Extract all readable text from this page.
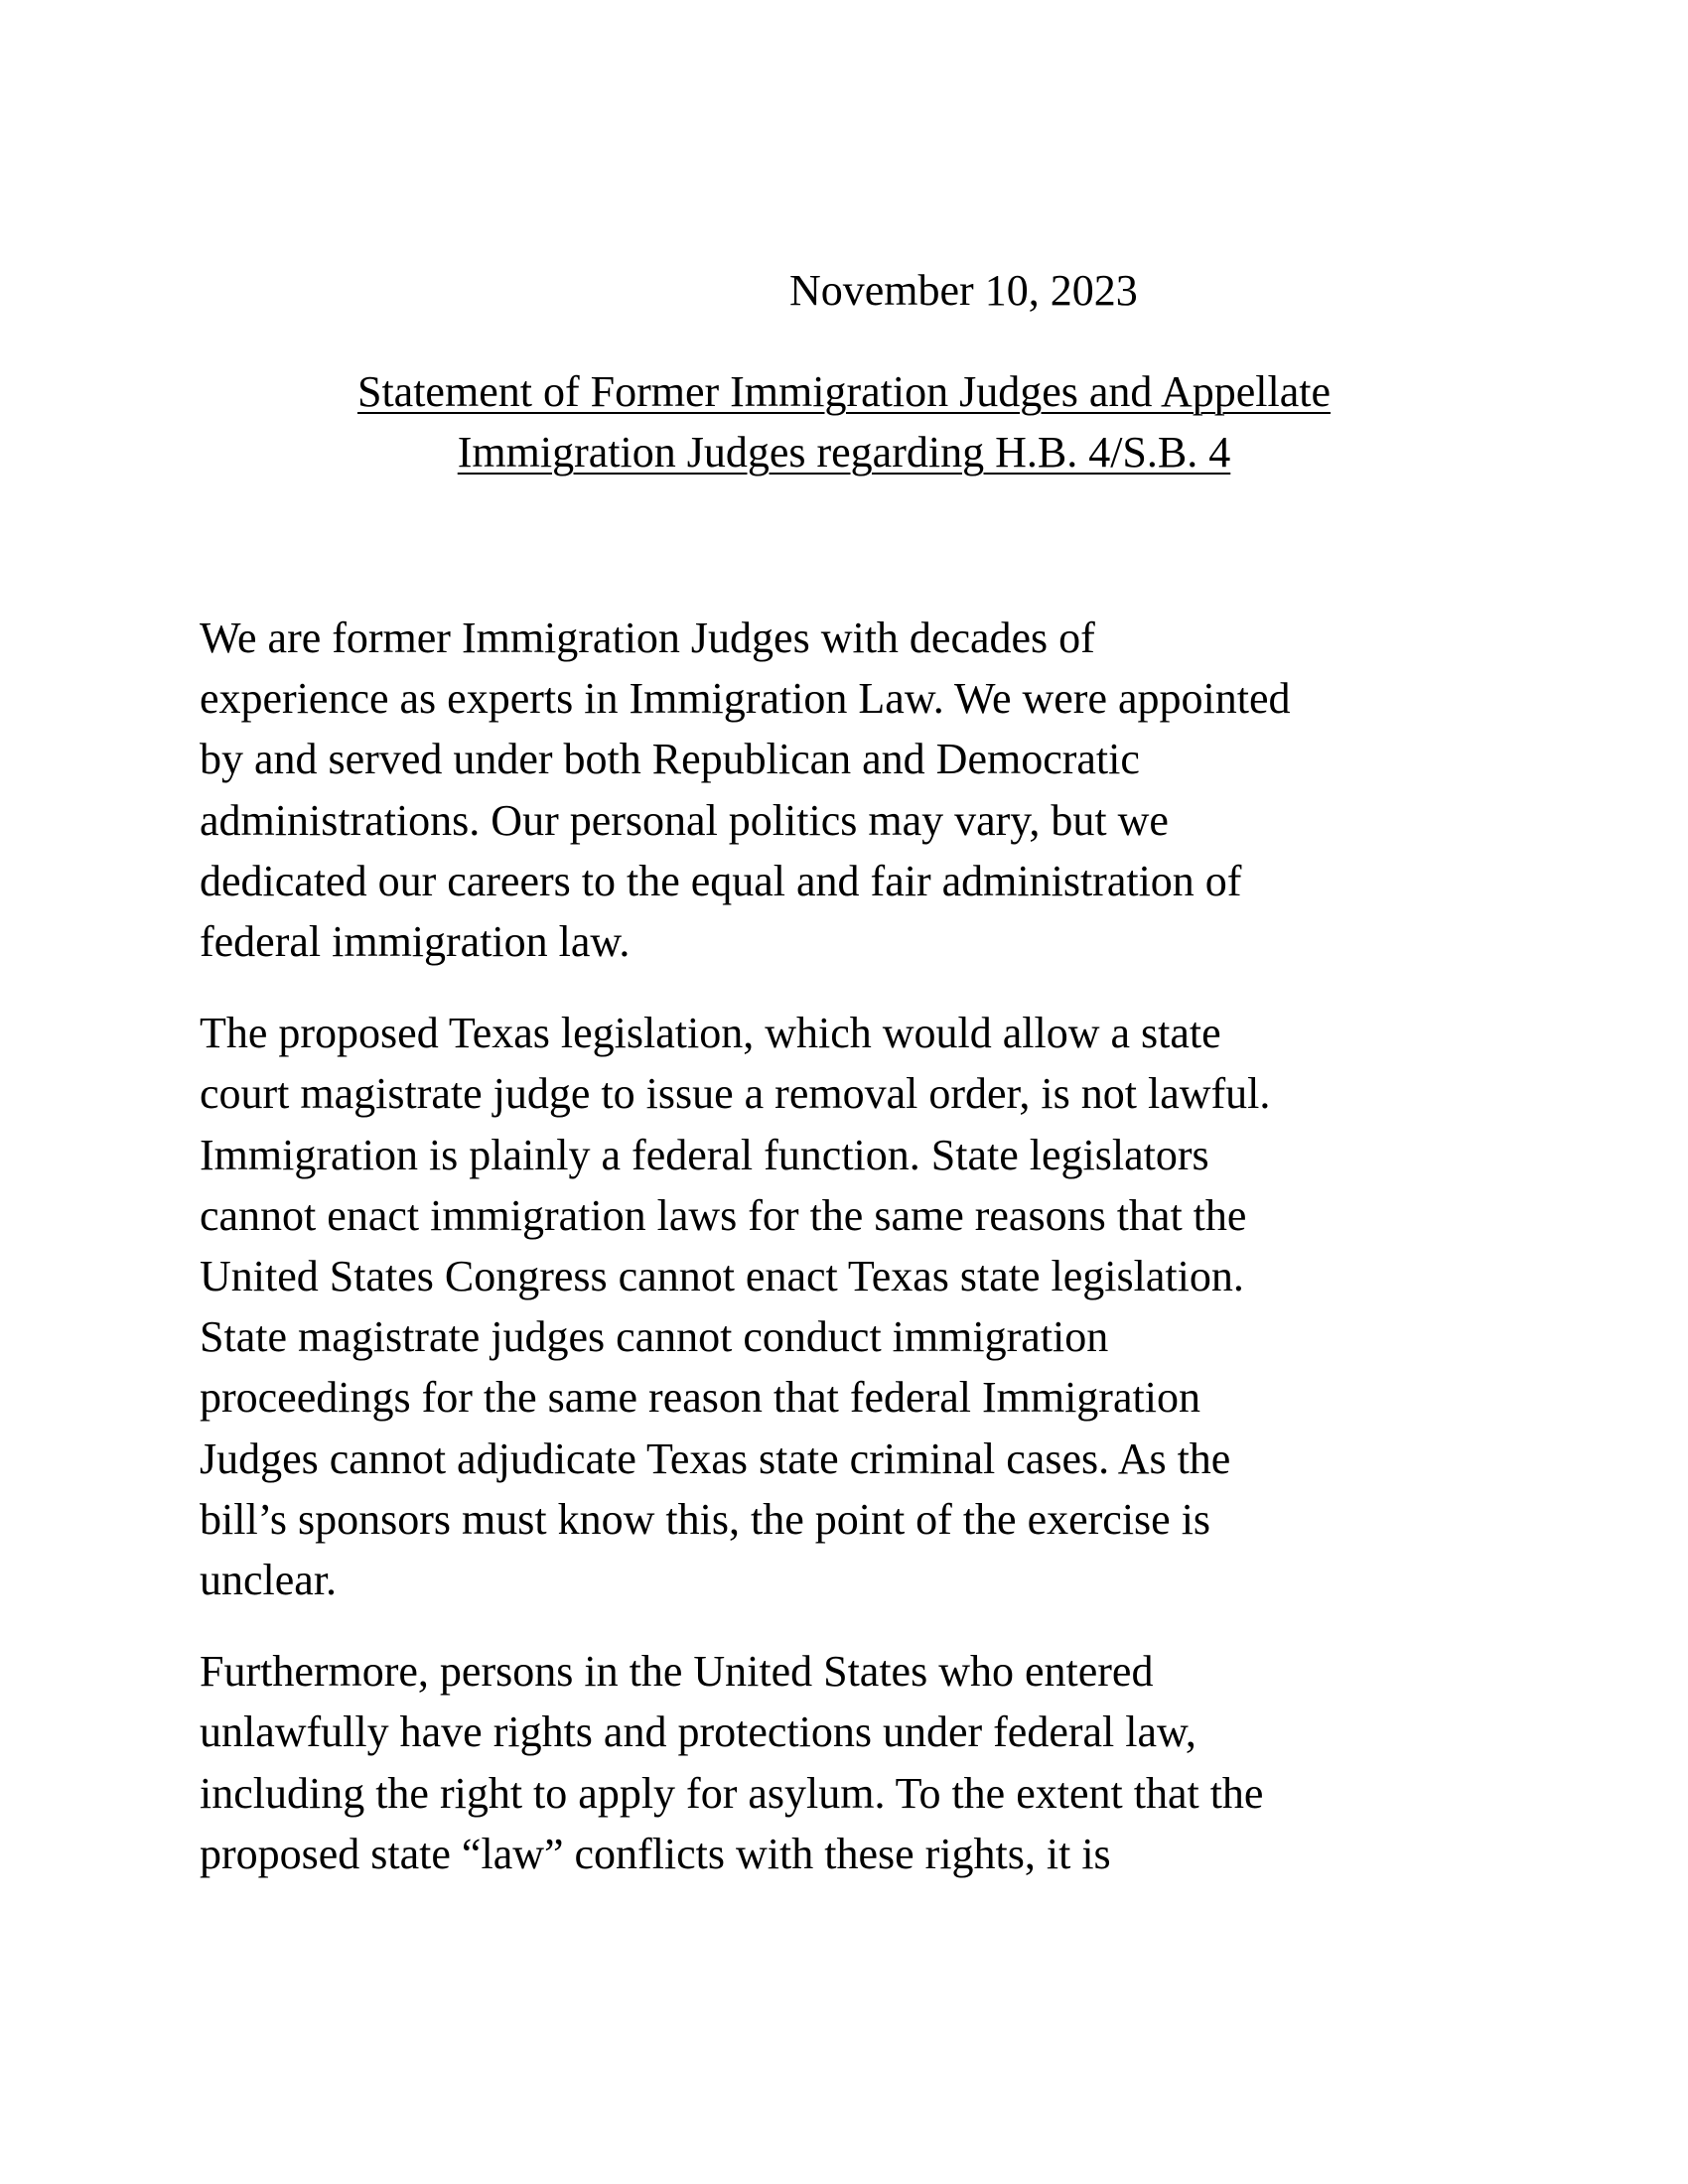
November 10, 2023
Statement of Former Immigration Judges and Appellate
Immigration Judges regarding H.B. 4/S.B. 4

We are former Immigration Judges with decades of
experience as experts in Immigration Law. We were appointed
by and served under both Republican and Democratic
administrations. Our personal politics may vary, but we
dedicated our careers to the equal and fair administration of
federal immigration law.

The proposed Texas legislation, which would allow a state
court magistrate judge to issue a removal order, is not lawful.
Immigration is plainly a federal function. State legislators
cannot enact immigration laws for the same reasons that the
United States Congress cannot enact Texas state legislation.
State magistrate judges cannot conduct immigration
proceedings for the same reason that federal Immigration
Judges cannot adjudicate Texas state criminal cases. As the
bill’s sponsors must know this, the point of the exercise is
unclear.

Furthermore, persons in the United States who entered
unlawfully have rights and protections under federal law,
including the right to apply for asylum. To the extent that the
proposed state “law” conflicts with these rights, it is
